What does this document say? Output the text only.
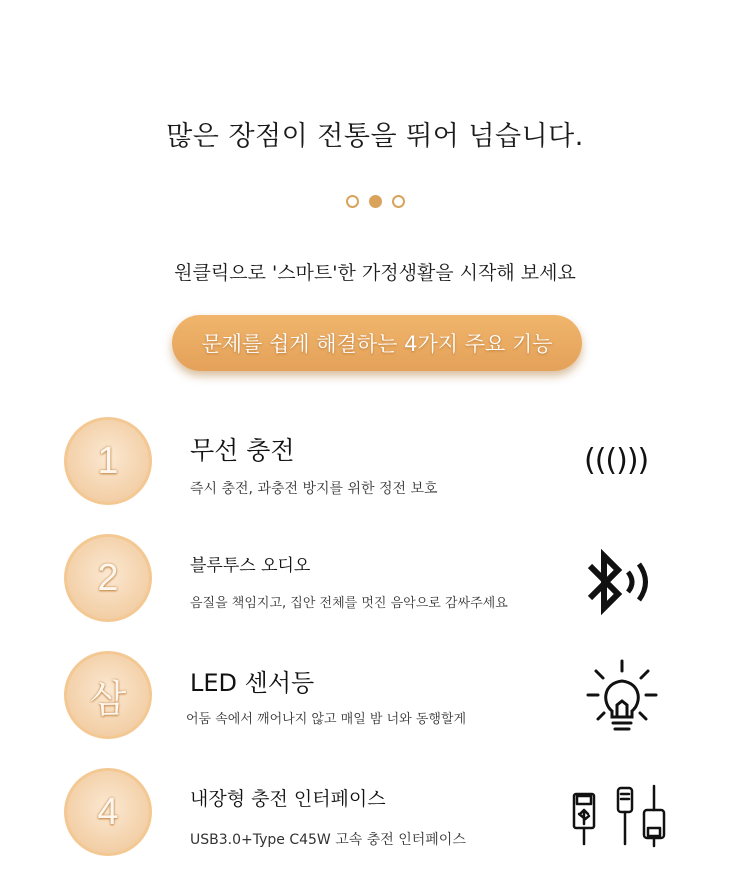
많은 장점이 전통을 뛰어 넘습니다.
원클릭으로 '스마트'한 가정생활을 시작해 보세요
문제를 쉽게 해결하는 4가지 주요 기능
1	무선 충전
즉시 충전, 과충전 방지를 위한 정전 보호
((()))
2	블루투스 오디오
음질을 책임지고, 집안 전체를 멋진 음악으로 감싸주세요
삼	LED 센서등
어둠 속에서 깨어나지 않고 매일 밤 너와 동행할게
4	내장형 충전 인터페이스
USB3.0+Type C45W 고속 충전 인터페이스
